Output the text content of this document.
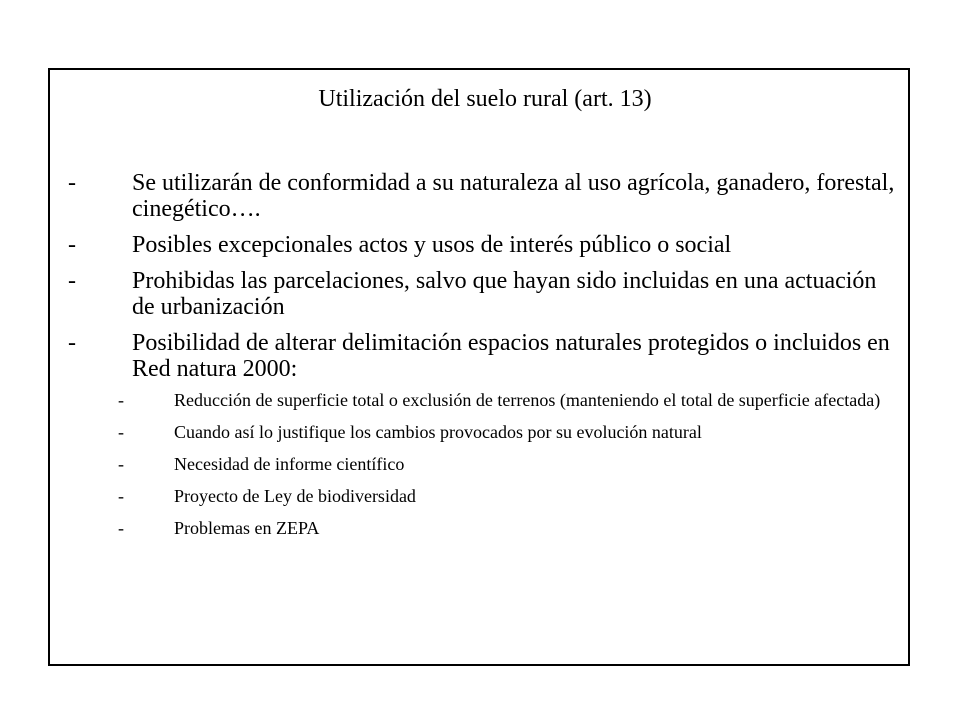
Utilización del suelo rural (art. 13)
- Se utilizarán de conformidad a su naturaleza al uso agrícola, ganadero, forestal, cinegético….
- Posibles excepcionales actos y usos de interés público o social
- Prohibidas las parcelaciones, salvo que hayan sido incluidas en una actuación de urbanización
- Posibilidad de alterar delimitación espacios naturales protegidos o incluidos en Red natura 2000:
-	Reducción de superficie total o exclusión de terrenos (manteniendo el total de superficie afectada)
-	Cuando así lo justifique los cambios provocados por su evolución natural
-	Necesidad de informe científico
-	Proyecto de Ley de biodiversidad
-	Problemas en ZEPA
